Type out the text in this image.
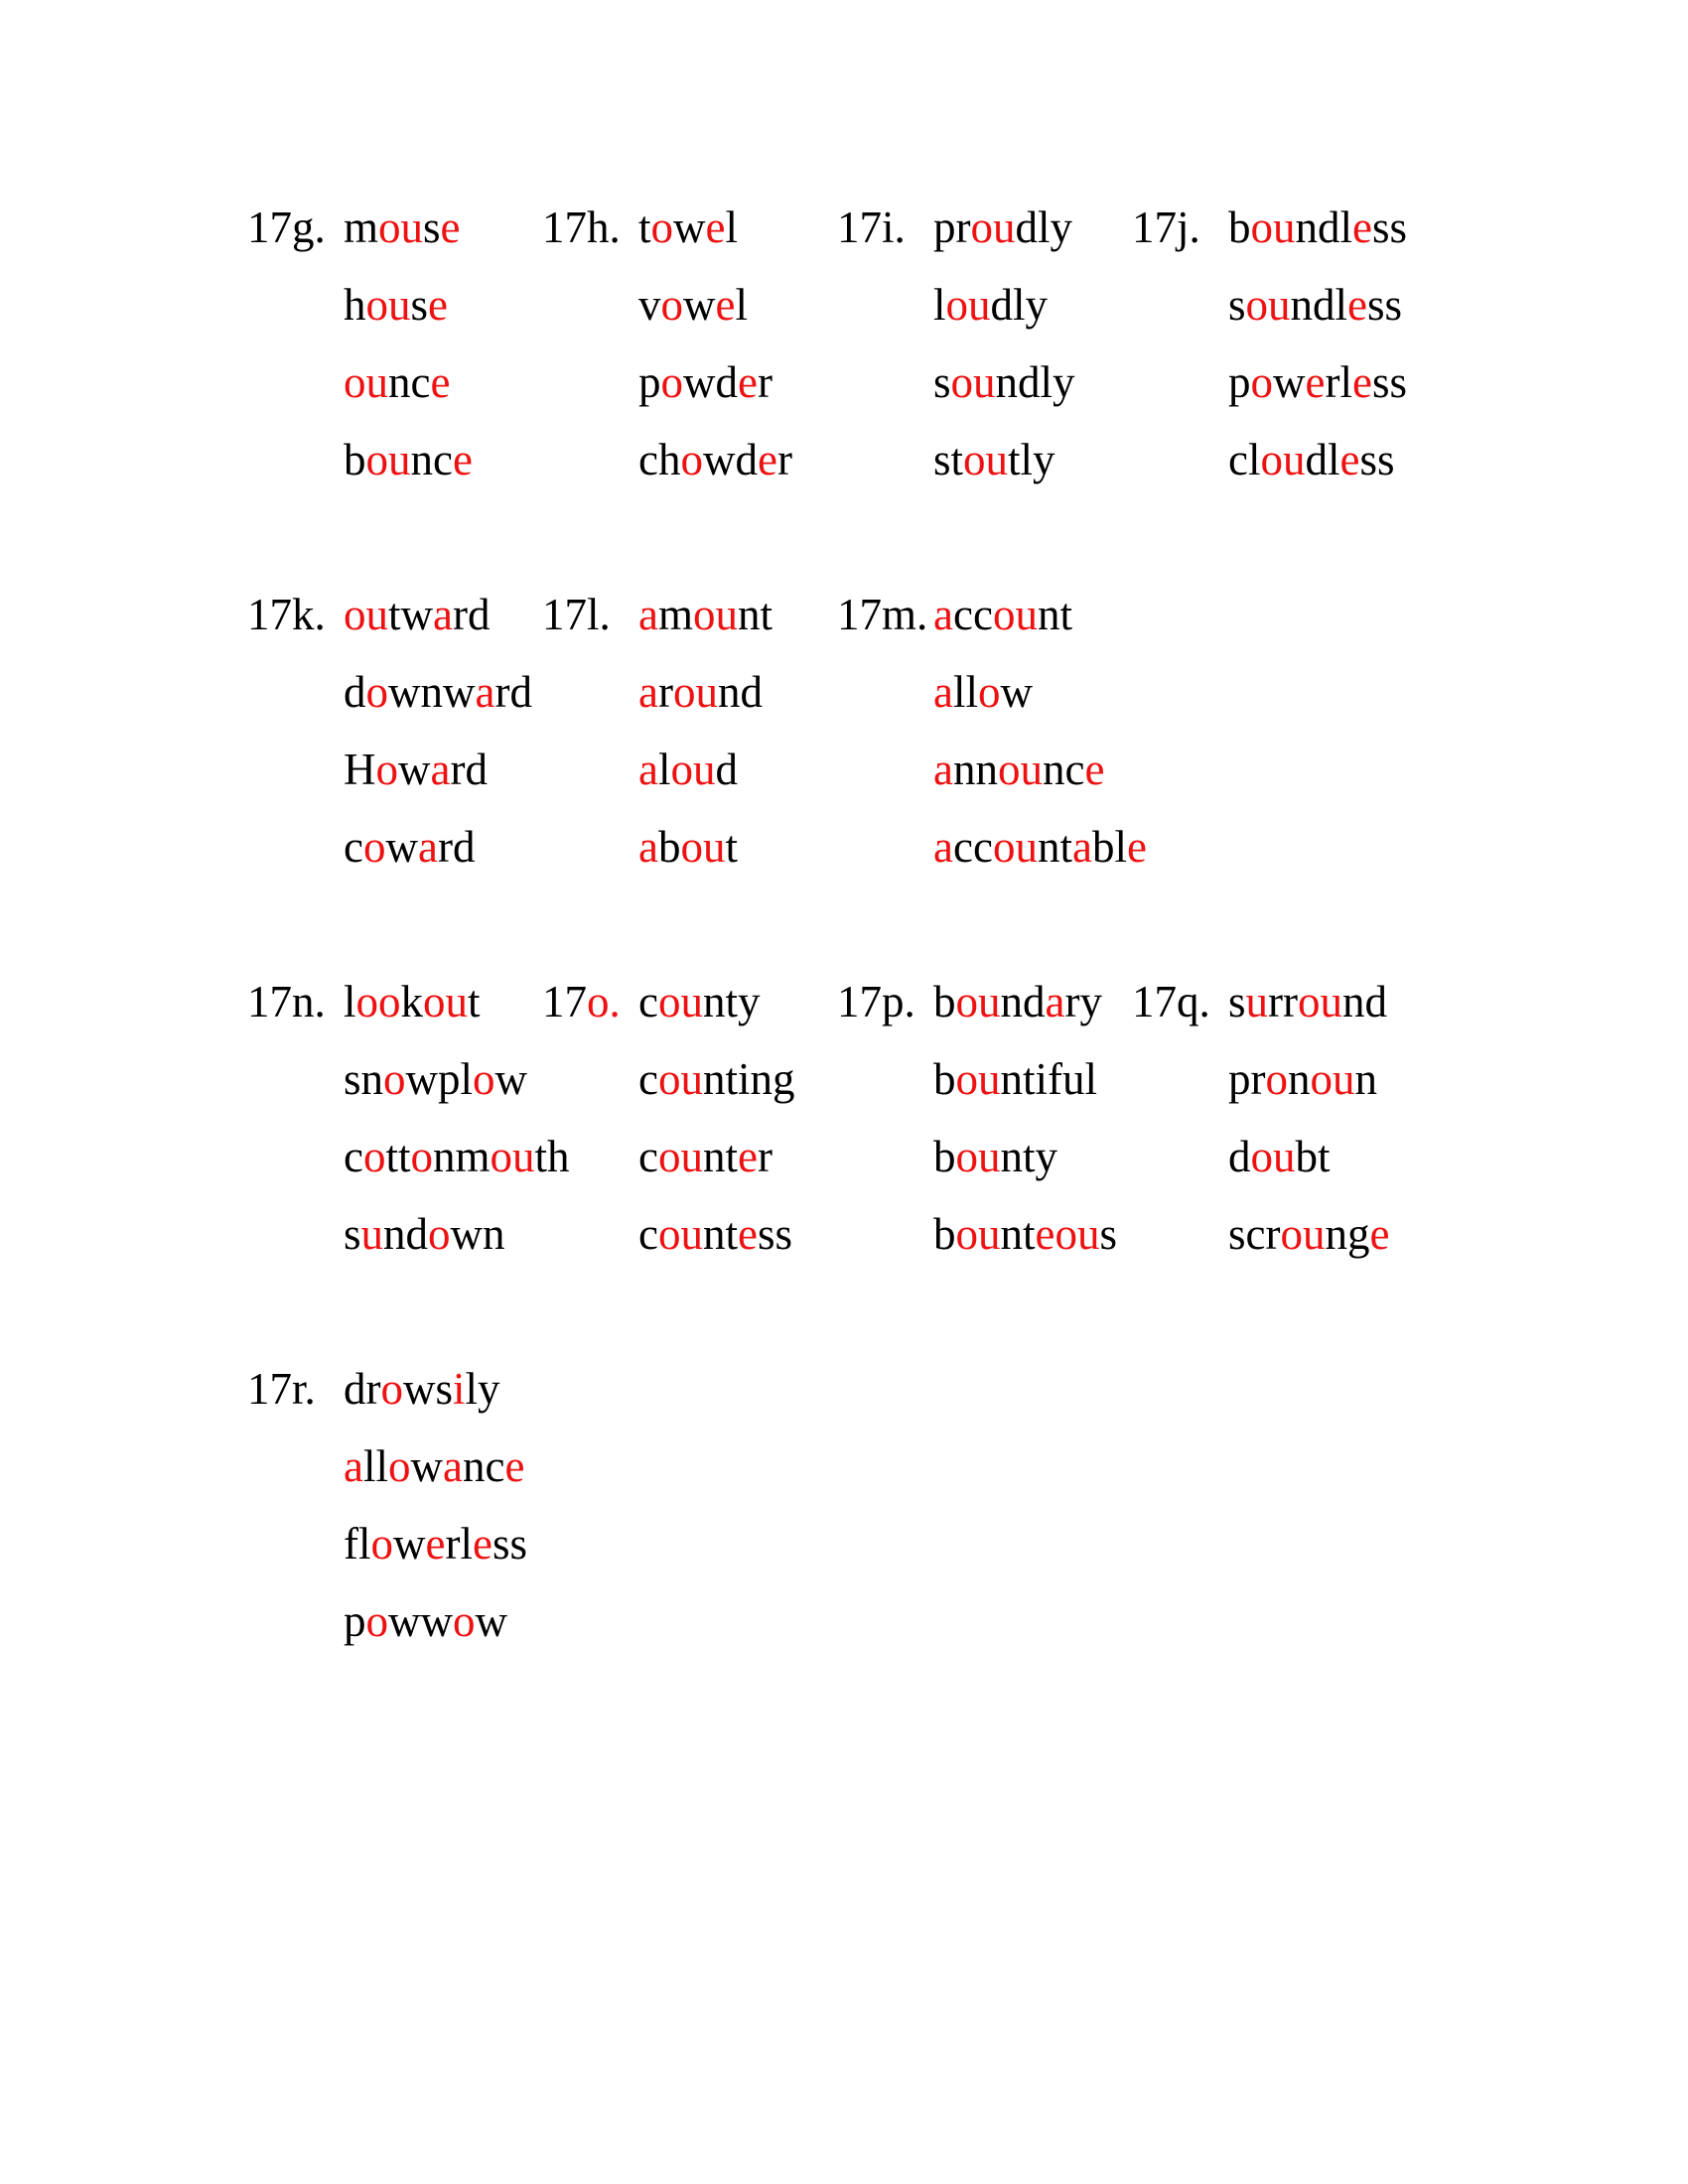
17g. mouse
house
ounce
bounce
17h. towel
vowel
powder
chowder
17i. proudly
loudly
soundly
stoutly
17j. boundless
soundless
powerless
cloudless
17k. outward
downward
Howard
coward
17l. amount
around
aloud
about
17m. account
allow
announce
accountable
17n. lookout
snowplow
cottonmouth
sundown
17o. county
counting
counter
countess
17p. boundary
bountiful
bounty
bounteous
17q. surround
pronoun
doubt
scrounge
17r. drowsily
allowance
flowerless
powwow
